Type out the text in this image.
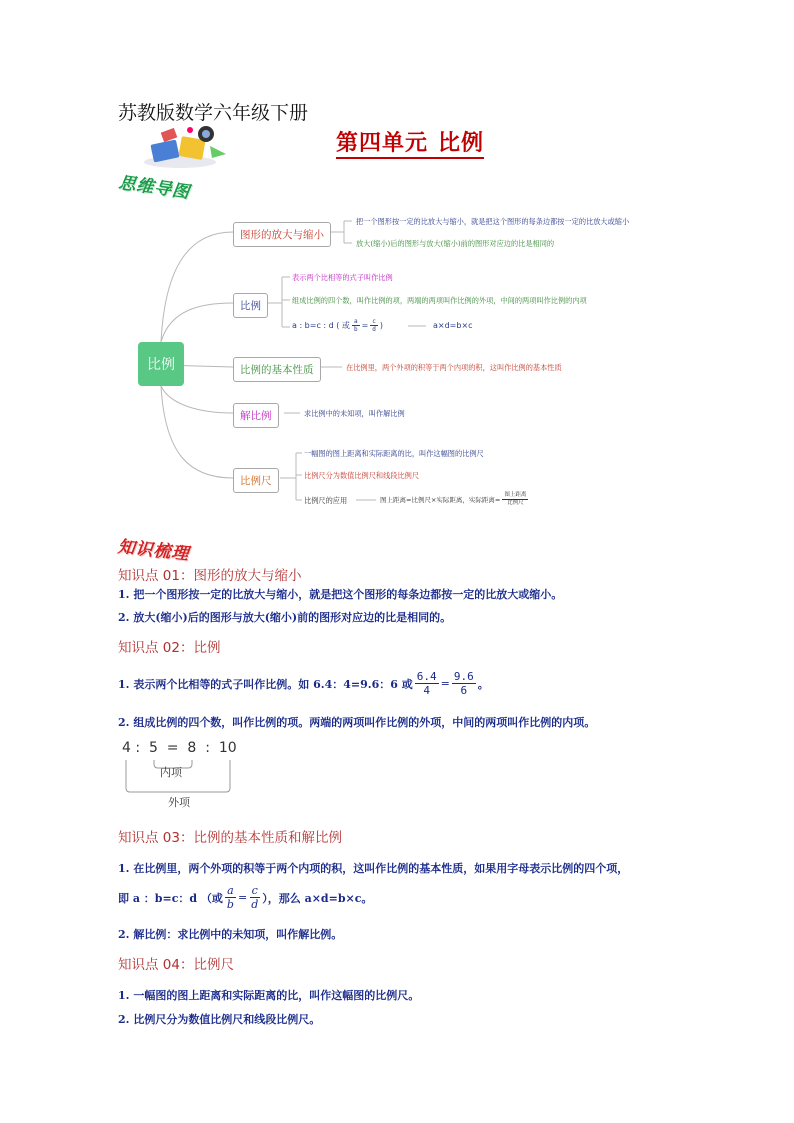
苏教版数学六年级下册
第四单元 比例
思维导图
比例
图形的放大与缩小
把一个图形按一定的比放大与缩小，就是把这个图形的每条边都按一定的比放大或缩小
放大(缩小)后的图形与放大(缩小)前的图形对应边的比是相同的
比例
表示两个比相等的式子叫作比例
组成比例的四个数，叫作比例的项，两端的两项叫作比例的外项，中间的两项叫作比例的内项
a : b=c : d ( 或 $\frac{a}{b} = \frac{c}{d}$ )	a×d=b×c
比例的基本性质	在比例里，两个外项的积等于两个内项的积，这叫作比例的基本性质
解比例	求比例中的未知项，叫作解比例
比例尺
一幅图的图上距离和实际距离的比，叫作这幅图的比例尺
比例尺分为数值比例尺和线段比例尺
比例尺的应用	图上距离=比例尺×实际距离，实际距离= $\frac{\text{图上距离}}{\text{比例尺}}$
知识梳理
知识点 01：图形的放大与缩小
1. 把一个图形按一定的比放大与缩小，就是把这个图形的每条边都按一定的比放大或缩小。
2. 放大(缩小)后的图形与放大(缩小)前的图形对应边的比是相同的。
知识点 02：比例
1. 表示两个比相等的式子叫作比例。如 6.4：4=9.6：6 或 $\frac{6.4}{4} = \frac{9.6}{6}$ 。
2. 组成比例的四个数，叫作比例的项。两端的两项叫作比例的外项，中间的两项叫作比例的内项。
4 :  5  =  8  :  10
内项
外项
知识点 03：比例的基本性质和解比例
1. 在比例里，两个外项的积等于两个内项的积，这叫作比例的基本性质，如果用字母表示比例的四个项，
即 a ：b=c：d （或 $\frac{a}{b} = \frac{c}{d}$ ），那么 a×d=b×c。
2. 解比例：求比例中的未知项，叫作解比例。
知识点 04：比例尺
1. 一幅图的图上距离和实际距离的比，叫作这幅图的比例尺。
2. 比例尺分为数值比例尺和线段比例尺。
